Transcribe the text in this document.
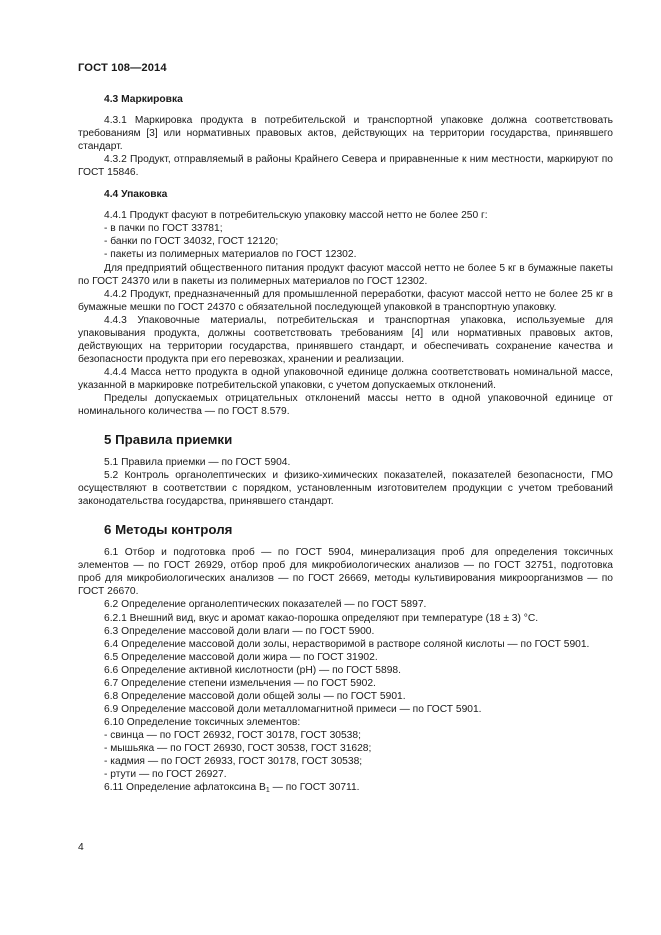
ГОСТ 108—2014

4.3 Маркировка

4.3.1 Маркировка продукта в потребительской и транспортной упаковке должна соответствовать требованиям [3] или нормативных правовых актов, действующих на территории государства, принявшего стандарт.

4.3.2 Продукт, отправляемый в районы Крайнего Севера и приравненные к ним местности, маркируют по ГОСТ 15846.

4.4 Упаковка

4.4.1 Продукт фасуют в потребительскую упаковку массой нетто не более 250 г:

- в пачки по ГОСТ 33781;

- банки по ГОСТ 34032, ГОСТ 12120;

- пакеты из полимерных материалов по ГОСТ 12302.

Для предприятий общественного питания продукт фасуют массой нетто не более 5 кг в бумажные пакеты по ГОСТ 24370 или в пакеты из полимерных материалов по ГОСТ 12302.

4.4.2 Продукт, предназначенный для промышленной переработки, фасуют массой нетто не более 25 кг в бумажные мешки по ГОСТ 24370 с обязательной последующей упаковкой в транспортную упаковку.

4.4.3 Упаковочные материалы, потребительская и транспортная упаковка, используемые для упаковывания продукта, должны соответствовать требованиям [4] или нормативных правовых актов, действующих на территории государства, принявшего стандарт, и обеспечивать сохранение качества и безопасности продукта при его перевозках, хранении и реализации.

4.4.4 Масса нетто продукта в одной упаковочной единице должна соответствовать номинальной массе, указанной в маркировке потребительской упаковки, с учетом допускаемых отклонений.

Пределы допускаемых отрицательных отклонений массы нетто в одной упаковочной единице от номинального количества — по ГОСТ 8.579.

5 Правила приемки

5.1 Правила приемки — по ГОСТ 5904.

5.2 Контроль органолептических и физико-химических показателей, показателей безопасности, ГМО осуществляют в соответствии с порядком, установленным изготовителем продукции с учетом требований законодательства государства, принявшего стандарт.

6 Методы контроля

6.1 Отбор и подготовка проб — по ГОСТ 5904, минерализация проб для определения токсичных элементов — по ГОСТ 26929, отбор проб для микробиологических анализов — по ГОСТ 32751, подготовка проб для микробиологических анализов — по ГОСТ 26669, методы культивирования микроорганизмов — по ГОСТ 26670.

6.2 Определение органолептических показателей — по ГОСТ 5897.

6.2.1 Внешний вид, вкус и аромат какао-порошка определяют при температуре (18 ± 3) °С.

6.3 Определение массовой доли влаги — по ГОСТ 5900.

6.4 Определение массовой доли золы, нерастворимой в растворе соляной кислоты — по ГОСТ 5901.

6.5 Определение массовой доли жира — по ГОСТ 31902.

6.6 Определение активной кислотности (рН) — по ГОСТ 5898.

6.7 Определение степени измельчения — по ГОСТ 5902.

6.8 Определение массовой доли общей золы — по ГОСТ 5901.

6.9 Определение массовой доли металломагнитной примеси — по ГОСТ 5901.

6.10 Определение токсичных элементов:

- свинца — по ГОСТ 26932, ГОСТ 30178, ГОСТ 30538;

- мышьяка — по ГОСТ 26930, ГОСТ 30538, ГОСТ 31628;

- кадмия — по ГОСТ 26933, ГОСТ 30178, ГОСТ 30538;

- ртути — по ГОСТ 26927.

6.11 Определение афлатоксина $В_1$ — по ГОСТ 30711.

4
